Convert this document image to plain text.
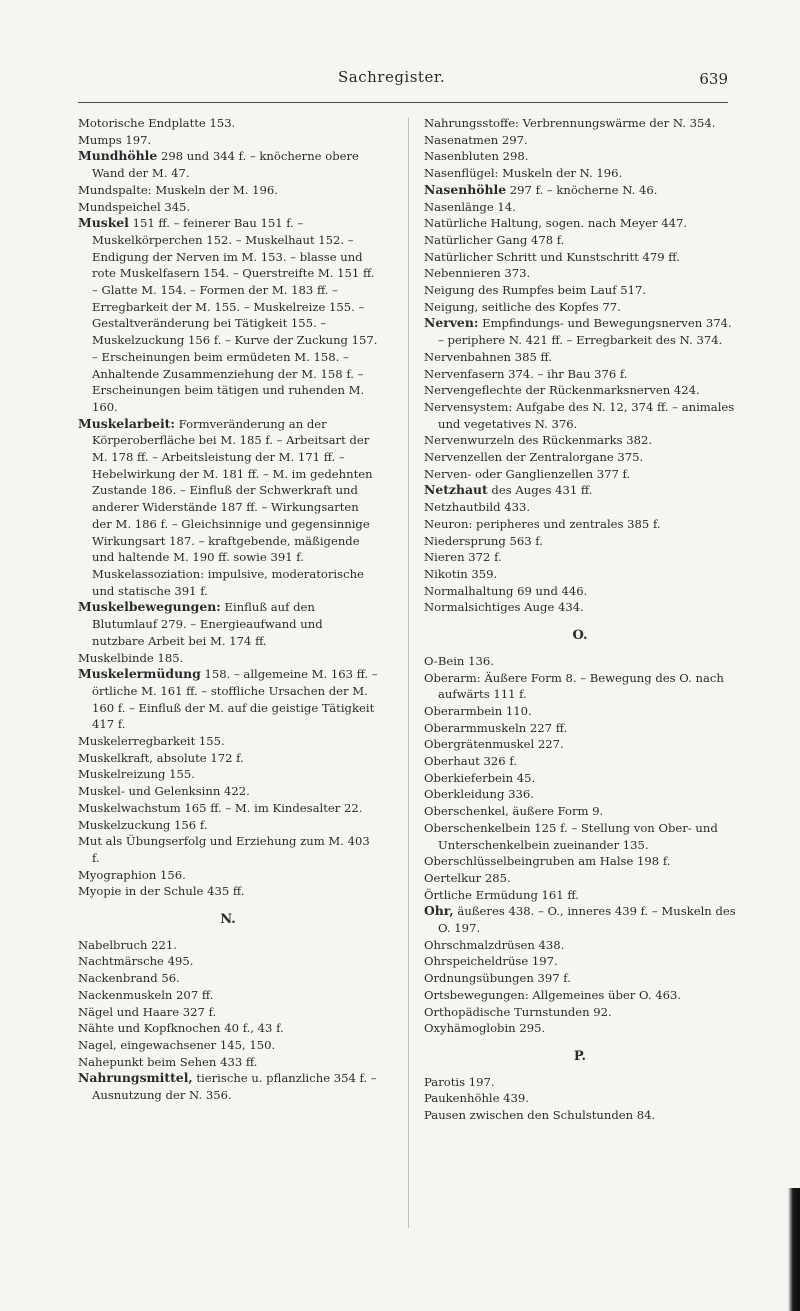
Sachregister.	639

Motorische Endplatte 153.

Mumps 197.

Mundhöhle 298 und 344 f. – knöcherne obere Wand der M. 47.

Mundspalte: Muskeln der M. 196.

Mundspeichel 345.

Muskel 151 ff. – feinerer Bau 151 f. – Muskelkörperchen 152. – Muskelhaut 152. – Endigung der Nerven im M. 153. – blasse und rote Muskelfasern 154. – Querstreifte M. 151 ff. – Glatte M. 154. – Formen der M. 183 ff. – Erregbarkeit der M. 155. – Muskelreize 155. – Gestaltveränderung bei Tätigkeit 155. – Muskelzuckung 156 f. – Kurve der Zuckung 157. – Erscheinungen beim ermüdeten M. 158. – Anhaltende Zusammenziehung der M. 158 f. – Erscheinungen beim tätigen und ruhenden M. 160.

Muskelarbeit: Formveränderung an der Körperoberfläche bei M. 185 f. – Arbeitsart der M. 178 ff. – Arbeitsleistung der M. 171 ff. – Hebelwirkung der M. 181 ff. – M. im gedehnten Zustande 186. – Einfluß der Schwerkraft und anderer Widerstände 187 ff. – Wirkungsarten der M. 186 f. – Gleichsinnige und gegensinnige Wirkungsart 187. – kraftgebende, mäßigende und haltende M. 190 ff. sowie 391 f. Muskelassoziation: impulsive, moderatorische und statische 391 f.

Muskelbewegungen: Einfluß auf den Blutumlauf 279. – Energieaufwand und nutzbare Arbeit bei M. 174 ff.

Muskelbinde 185.

Muskelermüdung 158. – allgemeine M. 163 ff. – örtliche M. 161 ff. – stoffliche Ursachen der M. 160 f. – Einfluß der M. auf die geistige Tätigkeit 417 f.

Muskelerregbarkeit 155.

Muskelkraft, absolute 172 f.

Muskelreizung 155.

Muskel- und Gelenksinn 422.

Muskelwachstum 165 ff. – M. im Kindesalter 22.

Muskelzuckung 156 f.

Mut als Übungserfolg und Erziehung zum M. 403 f.

Myographion 156.

Myopie in der Schule 435 ff.

N.

Nabelbruch 221.

Nachtmärsche 495.

Nackenbrand 56.

Nackenmuskeln 207 ff.

Nägel und Haare 327 f.

Nähte und Kopfknochen 40 f., 43 f.

Nagel, eingewachsener 145, 150.

Nahepunkt beim Sehen 433 ff.

Nahrungsmittel, tierische u. pflanzliche 354 f. – Ausnutzung der N. 356.

Nahrungsstoffe: Verbrennungswärme der N. 354.

Nasenatmen 297.

Nasenbluten 298.

Nasenflügel: Muskeln der N. 196.

Nasenhöhle 297 f. – knöcherne N. 46.

Nasenlänge 14.

Natürliche Haltung, sogen. nach Meyer 447.

Natürlicher Gang 478 f.

Natürlicher Schritt und Kunstschritt 479 ff.

Nebennieren 373.

Neigung des Rumpfes beim Lauf 517.

Neigung, seitliche des Kopfes 77.

Nerven: Empfindungs- und Bewegungsnerven 374. – periphere N. 421 ff. – Erregbarkeit des N. 374.

Nervenbahnen 385 ff.

Nervenfasern 374. – ihr Bau 376 f.

Nervengeflechte der Rückenmarksnerven 424.

Nervensystem: Aufgabe des N. 12, 374 ff. – animales und vegetatives N. 376.

Nervenwurzeln des Rückenmarks 382.

Nervenzellen der Zentralorgane 375.

Nerven- oder Ganglienzellen 377 f.

Netzhaut des Auges 431 ff.

Netzhautbild 433.

Neuron: peripheres und zentrales 385 f.

Niedersprung 563 f.

Nieren 372 f.

Nikotin 359.

Normalhaltung 69 und 446.

Normalsichtiges Auge 434.

O.

O-Bein 136.

Oberarm: Äußere Form 8. – Bewegung des O. nach aufwärts 111 f.

Oberarmbein 110.

Oberarmmuskeln 227 ff.

Obergrätenmuskel 227.

Oberhaut 326 f.

Oberkieferbein 45.

Oberkleidung 336.

Oberschenkel, äußere Form 9.

Oberschenkelbein 125 f. – Stellung von Ober- und Unterschenkelbein zueinander 135.

Oberschlüsselbeingruben am Halse 198 f.

Oertelkur 285.

Örtliche Ermüdung 161 ff.

Ohr, äußeres 438. – O., inneres 439 f. – Muskeln des O. 197.

Ohrschmalzdrüsen 438.

Ohrspeicheldrüse 197.

Ordnungsübungen 397 f.

Ortsbewegungen: Allgemeines über O. 463.

Orthopädische Turnstunden 92.

Oxyhämoglobin 295.

P.

Parotis 197.

Paukenhöhle 439.

Pausen zwischen den Schulstunden 84.
